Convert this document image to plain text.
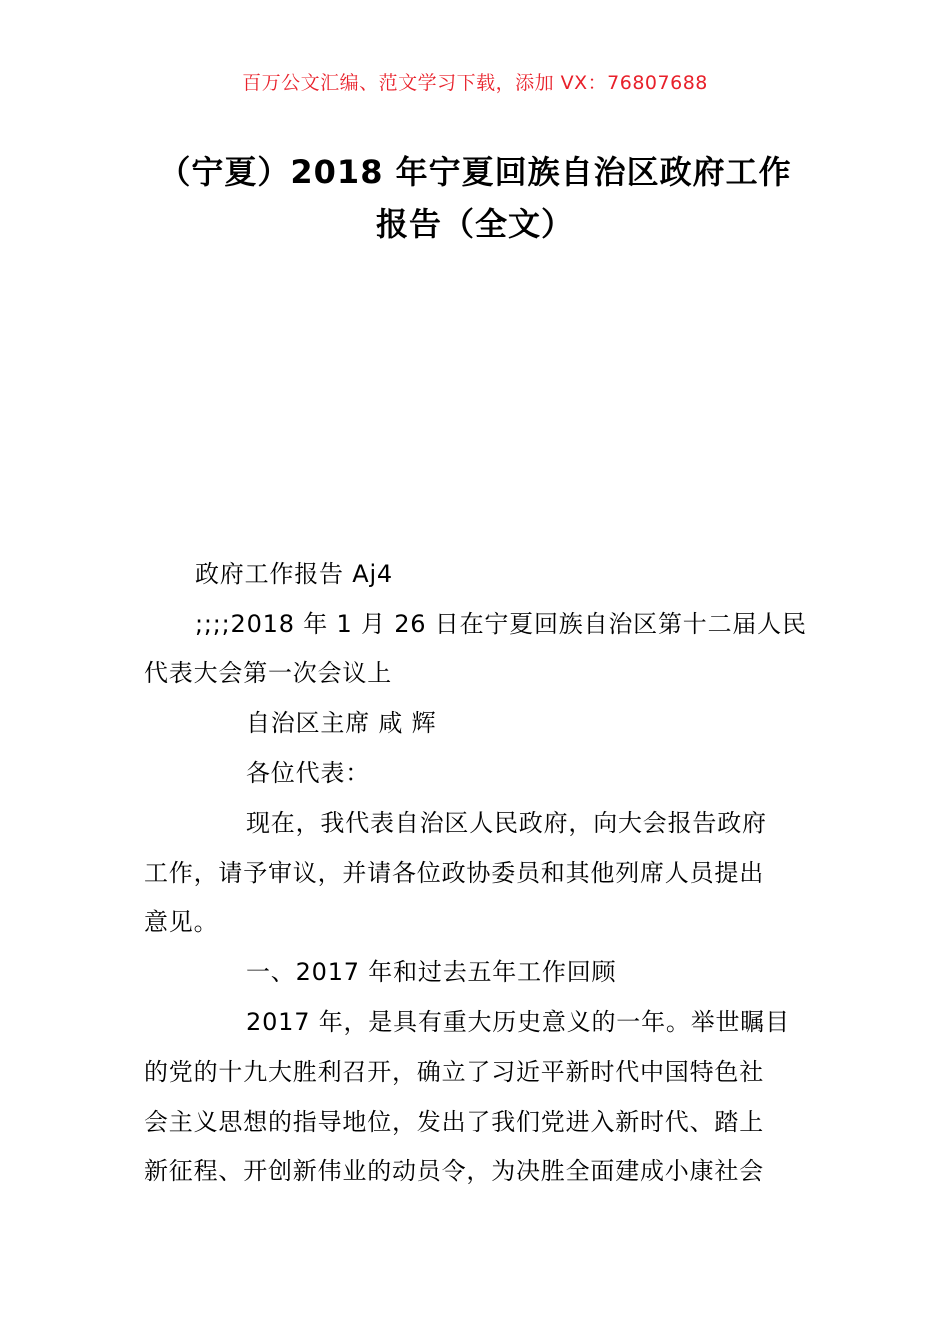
百万公文汇编、范文学习下载，添加 VX：76807688
（宁夏）2018 年宁夏回族自治区政府工作
报告（全文）
政府工作报告 Aj4
;;;;2018 年 1 月 26 日在宁夏回族自治区第十二届人民
代表大会第一次会议上
自治区主席 咸 辉
各位代表：
现在，我代表自治区人民政府，向大会报告政府
工作，请予审议，并请各位政协委员和其他列席人员提出
意见。
一、2017 年和过去五年工作回顾
2017 年，是具有重大历史意义的一年。举世瞩目
的党的十九大胜利召开，确立了习近平新时代中国特色社
会主义思想的指导地位，发出了我们党进入新时代、踏上
新征程、开创新伟业的动员令，为决胜全面建成小康社会
